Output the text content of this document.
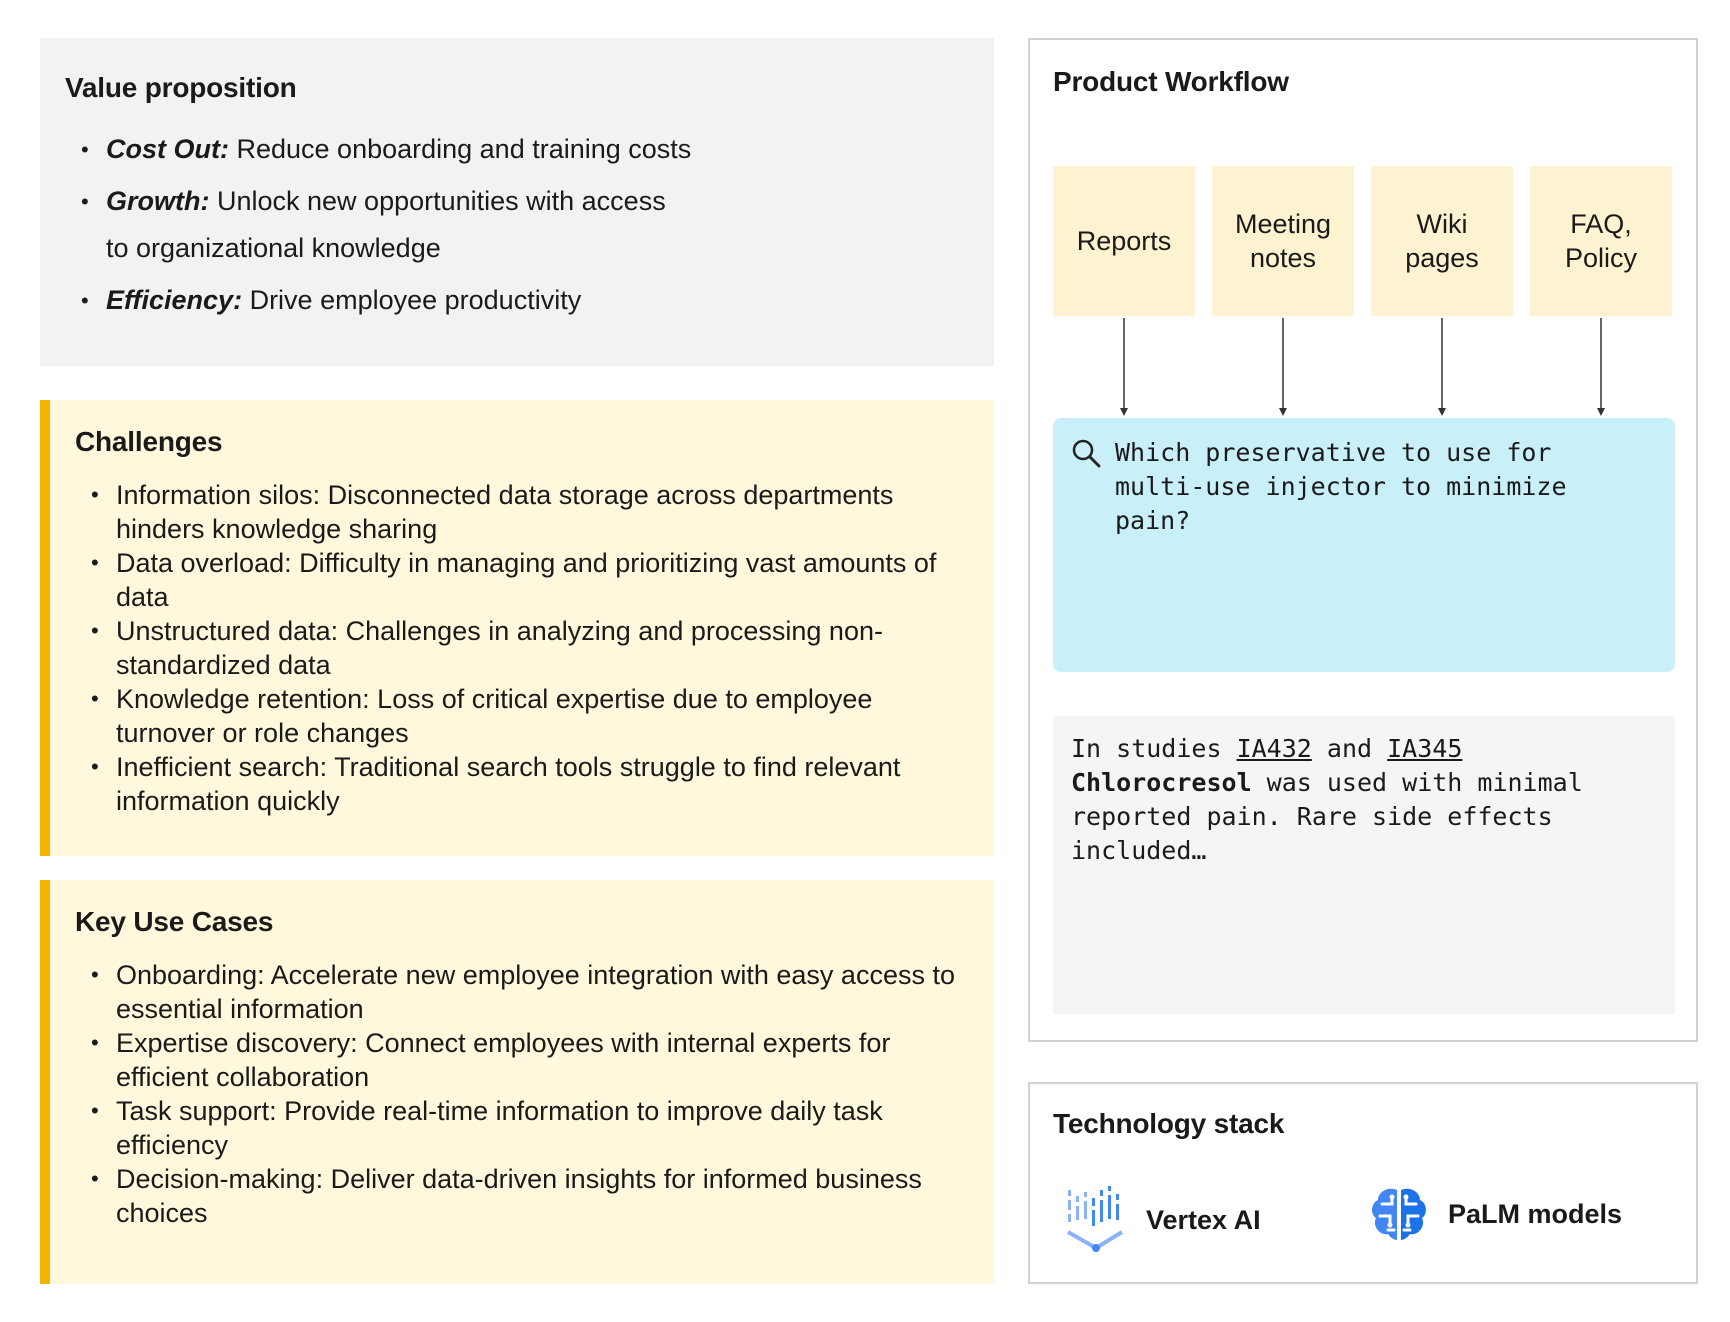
Value proposition
• Cost Out: Reduce onboarding and training costs
• Growth: Unlock new opportunities with access
to organizational knowledge
• Efficiency: Drive employee productivity
Challenges
• Information silos: Disconnected data storage across departments hinders knowledge sharing
• Data overload: Difficulty in managing and prioritizing vast amounts of data
• Unstructured data: Challenges in analyzing and processing non-standardized data
• Knowledge retention: Loss of critical expertise due to employee turnover or role changes
• Inefficient search: Traditional search tools struggle to find relevant information quickly
Key Use Cases
• Onboarding: Accelerate new employee integration with easy access to essential information
• Expertise discovery: Connect employees with internal experts for efficient collaboration
• Task support: Provide real-time information to improve daily task efficiency
• Decision-making: Deliver data-driven insights for informed business choices
Product Workflow
Reports
Meeting
notes
Wiki
pages
FAQ,
Policy
Which preservative to use for multi-use injector to minimize pain?
In studies IA432 and IA345
Chlorocresol was used with minimal reported pain. Rare side effects included…
Technology stack
Vertex AI	PaLM models
